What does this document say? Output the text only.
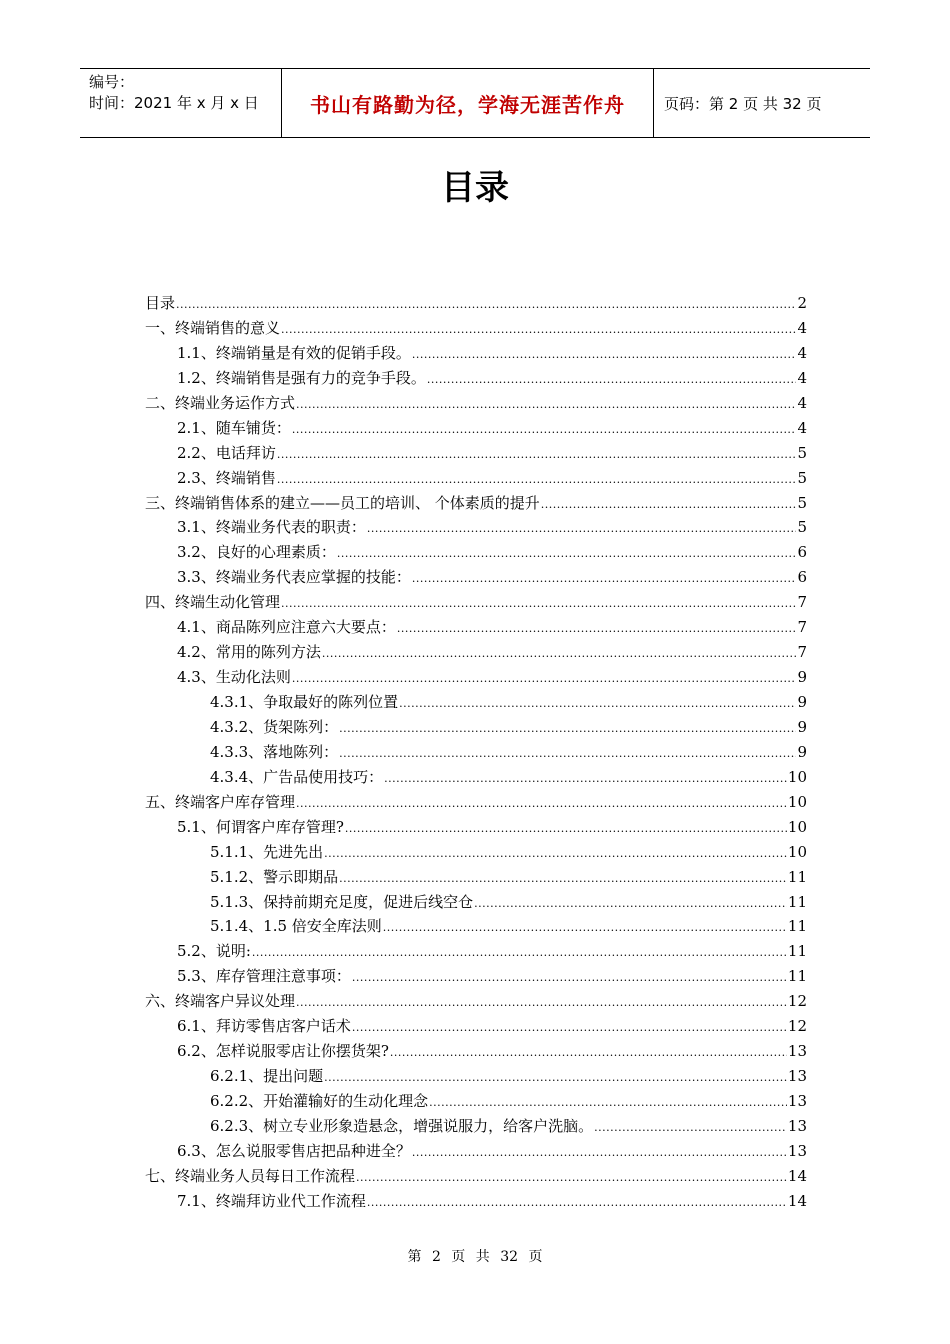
编号：
时间：2021 年 x 月 x 日	书山有路勤为径，学海无涯苦作舟	页码：第 2 页 共 32 页
目录
目录 .....	2
一、终端销售的意义 .....	4
1.1、终端销量是有效的促销手段。 .....	4
1.2、终端销售是强有力的竞争手段。 .....	4
二、终端业务运作方式 .....	4
2.1、随车铺货： .....	4
2.2、电话拜访 .....	5
2.3、终端销售 .....	5
三、终端销售体系的建立——员工的培训、 个体素质的提升 .....	5
3.1、终端业务代表的职责： .....	5
3.2、良好的心理素质： .....	6
3.3、终端业务代表应掌握的技能： .....	6
四、终端生动化管理 .....	7
4.1、商品陈列应注意六大要点： .....	7
4.2、常用的陈列方法 .....	7
4.3、生动化法则 .....	9
4.3.1、争取最好的陈列位置 .....	9
4.3.2、货架陈列： .....	9
4.3.3、落地陈列： .....	9
4.3.4、广告品使用技巧： .....	10
五、终端客户库存管理 .....	10
5.1、何谓客户库存管理? .....	10
5.1.1、先进先出 .....	10
5.1.2、警示即期品 .....	11
5.1.3、保持前期充足度，促进后线空仓 .....	11
5.1.4、1.5 倍安全库法则 .....	11
5.2、说明: .....	11
5.3、库存管理注意事项： .....	11
六、终端客户异议处理 .....	12
6.1、拜访零售店客户话术 .....	12
6.2、怎样说服零店让你摆货架? .....	13
6.2.1、提出问题 .....	13
6.2.2、开始灌输好的生动化理念 .....	13
6.2.3、树立专业形象造悬念，增强说服力，给客户洗脑。 .....	13
6.3、怎么说服零售店把品种进全？ .....	13
七、终端业务人员每日工作流程 .....	14
7.1、终端拜访业代工作流程 .....	14
第 2 页 共 32 页
